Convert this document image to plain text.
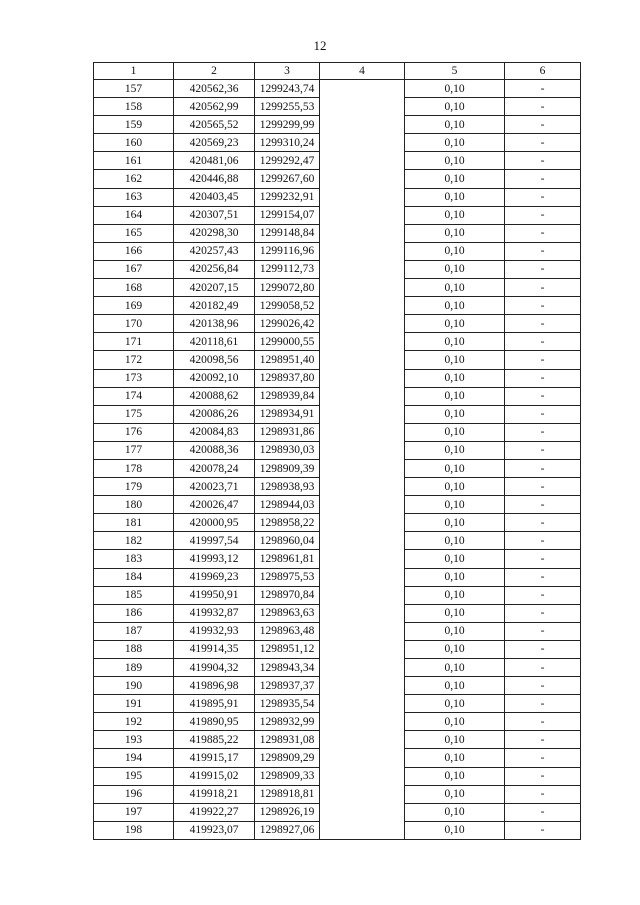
12
1	2	3	4	5	6
157	420562,36	1299243,74		0,10	-
158	420562,99	1299255,53		0,10	-
159	420565,52	1299299,99		0,10	-
160	420569,23	1299310,24		0,10	-
161	420481,06	1299292,47		0,10	-
162	420446,88	1299267,60		0,10	-
163	420403,45	1299232,91		0,10	-
164	420307,51	1299154,07		0,10	-
165	420298,30	1299148,84		0,10	-
166	420257,43	1299116,96		0,10	-
167	420256,84	1299112,73		0,10	-
168	420207,15	1299072,80		0,10	-
169	420182,49	1299058,52		0,10	-
170	420138,96	1299026,42		0,10	-
171	420118,61	1299000,55		0,10	-
172	420098,56	1298951,40		0,10	-
173	420092,10	1298937,80		0,10	-
174	420088,62	1298939,84		0,10	-
175	420086,26	1298934,91		0,10	-
176	420084,83	1298931,86		0,10	-
177	420088,36	1298930,03		0,10	-
178	420078,24	1298909,39		0,10	-
179	420023,71	1298938,93		0,10	-
180	420026,47	1298944,03		0,10	-
181	420000,95	1298958,22		0,10	-
182	419997,54	1298960,04		0,10	-
183	419993,12	1298961,81		0,10	-
184	419969,23	1298975,53		0,10	-
185	419950,91	1298970,84		0,10	-
186	419932,87	1298963,63		0,10	-
187	419932,93	1298963,48		0,10	-
188	419914,35	1298951,12		0,10	-
189	419904,32	1298943,34		0,10	-
190	419896,98	1298937,37		0,10	-
191	419895,91	1298935,54		0,10	-
192	419890,95	1298932,99		0,10	-
193	419885,22	1298931,08		0,10	-
194	419915,17	1298909,29		0,10	-
195	419915,02	1298909,33		0,10	-
196	419918,21	1298918,81		0,10	-
197	419922,27	1298926,19		0,10	-
198	419923,07	1298927,06		0,10	-
